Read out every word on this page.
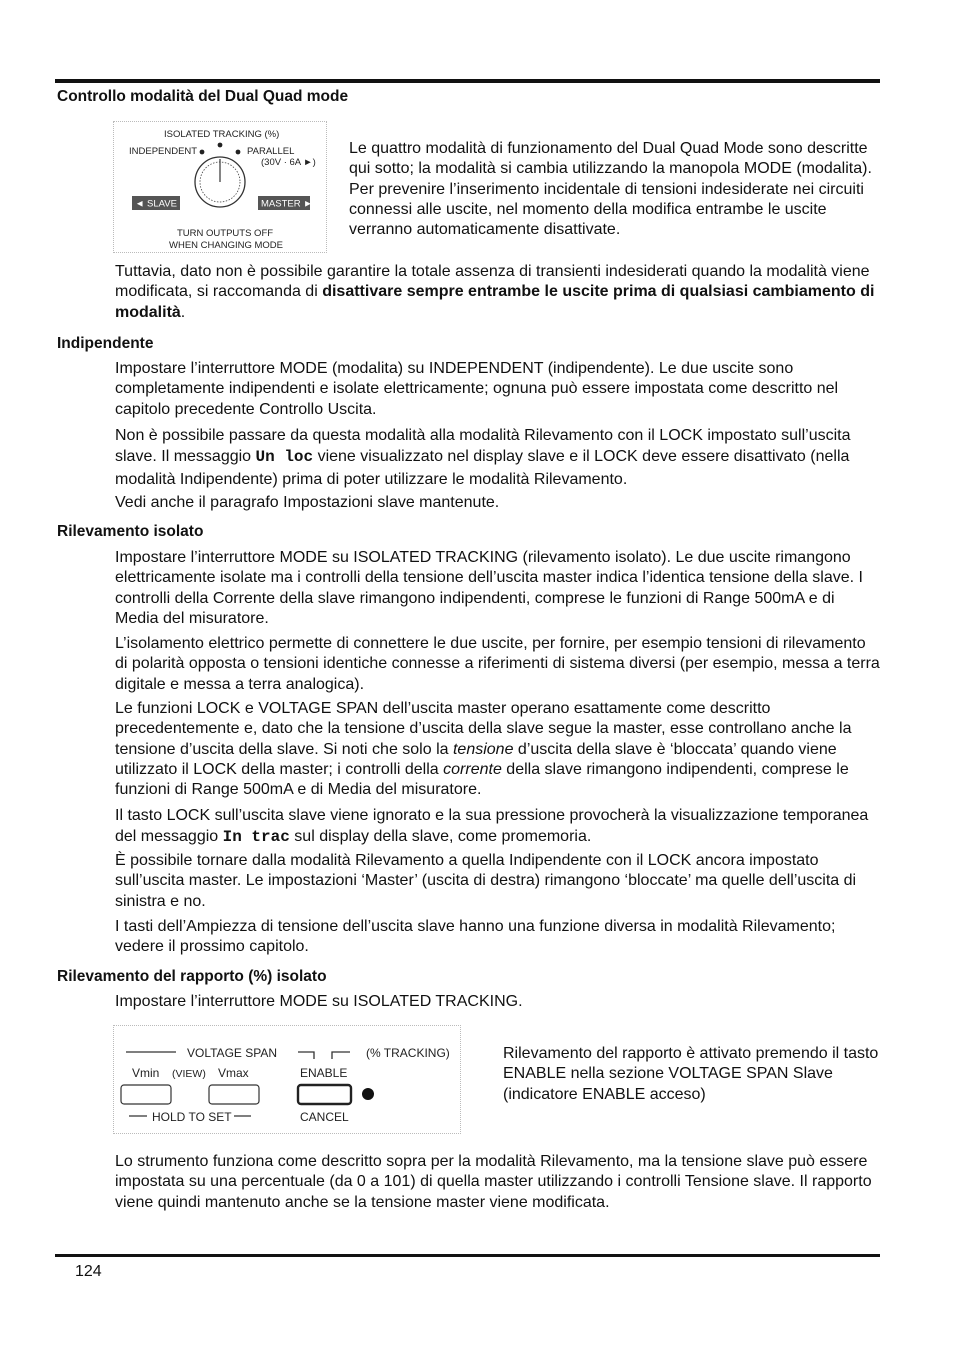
Controllo modalità del Dual Quad mode

ISOLATED TRACKING (%)
INDEPENDENT	PARALLEL
(30V · 6A ►)
◄ SLAVE	MASTER ►
TURN OUTPUTS OFF
WHEN CHANGING MODE

Le quattro modalità di funzionamento del Dual Quad Mode sono descritte qui sotto; la modalità si cambia utilizzando la manopola MODE (modalita). Per prevenire l’inserimento incidentale di tensioni indesiderate nei circuiti connessi alle uscite, nel momento della modifica entrambe le uscite verranno automaticamente disattivate.

Tuttavia, dato non è possibile garantire la totale assenza di transienti indesiderati quando la modalità viene modificata, si raccomanda di disattivare sempre entrambe le uscite prima di qualsiasi cambiamento di modalità.

Indipendente

Impostare l’interruttore MODE (modalita) su INDEPENDENT (indipendente). Le due uscite sono completamente indipendenti e isolate elettricamente; ognuna può essere impostata come descritto nel capitolo precedente Controllo Uscita.

Non è possibile passare da questa modalità alla modalità Rilevamento con il LOCK impostato sull’uscita slave. Il messaggio Un loc viene visualizzato nel display slave e il LOCK deve essere disattivato (nella modalità Indipendente) prima di poter utilizzare le modalità Rilevamento.

Vedi anche il paragrafo Impostazioni slave mantenute.

Rilevamento isolato

Impostare l’interruttore MODE su ISOLATED TRACKING (rilevamento isolato). Le due uscite rimangono elettricamente isolate ma i controlli della tensione dell’uscita master indica l’identica tensione della slave. I controlli della Corrente della slave rimangono indipendenti, comprese le funzioni di Range 500mA e di Media del misuratore.

L’isolamento elettrico permette di connettere le due uscite, per fornire, per esempio tensioni di rilevamento di polarità opposta o tensioni identiche connesse a riferimenti di sistema diversi (per esempio, messa a terra digitale e messa a terra analogica).

Le funzioni LOCK e VOLTAGE SPAN dell’uscita master operano esattamente come descritto precedentemente e, dato che la tensione d’uscita della slave segue la master, esse controllano anche la tensione d’uscita della slave. Si noti che solo la tensione d’uscita della slave è ‘bloccata’ quando viene utilizzato il LOCK della master; i controlli della corrente della slave rimangono indipendenti, comprese le funzioni di Range 500mA e di Media del misuratore.

Il tasto LOCK sull’uscita slave viene ignorato e la sua pressione provocherà la visualizzazione temporanea del messaggio In trac sul display della slave, come promemoria.

È possibile tornare dalla modalità Rilevamento a quella Indipendente con il LOCK ancora impostato sull’uscita master. Le impostazioni ‘Master’ (uscita di destra) rimangono ‘bloccate’ ma quelle dell’uscita di sinistra e no.

I tasti dell’Ampiezza di tensione dell’uscita slave hanno una funzione diversa in modalità Rilevamento; vedere il prossimo capitolo.

Rilevamento del rapporto (%) isolato

Impostare l’interruttore MODE su ISOLATED TRACKING.

VOLTAGE SPAN	(% TRACKING)
Vmin (VIEW) Vmax	ENABLE
HOLD TO SET	CANCEL

Rilevamento del rapporto è attivato premendo il tasto ENABLE nella sezione VOLTAGE SPAN Slave (indicatore ENABLE acceso)

Lo strumento funziona come descritto sopra per la modalità Rilevamento, ma la tensione slave può essere impostata su una percentuale (da 0 a 101) di quella master utilizzando i controlli Tensione slave. Il rapporto viene quindi mantenuto anche se la tensione master viene modificata.

124
